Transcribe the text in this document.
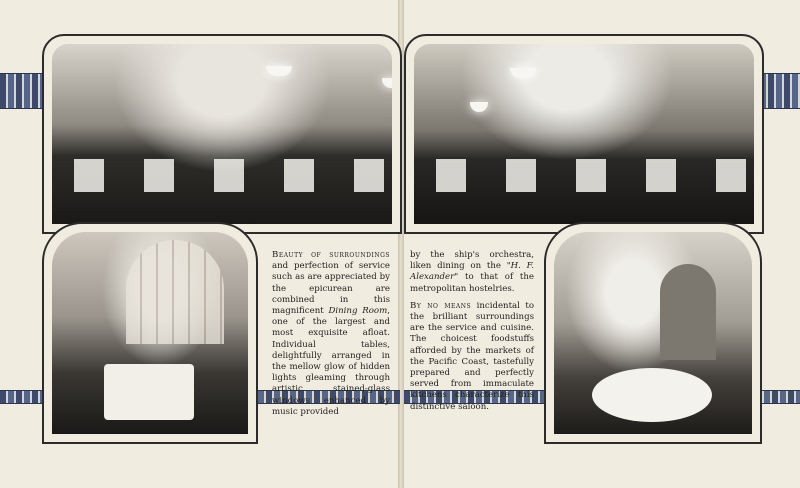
Beauty of surroundings and perfection of service such as are appreciated by the epicurean are combined in this magnificent Dining Room, one of the largest and most exquisite afloat. Individual tables, delightfully arranged in the mellow glow of hidden lights gleaming through artistic stained-glass windows enhanced by music provided

by the ship's orchestra, liken dining on the "H. F. Alexander" to that of the metropolitan hostelries.

By no means incidental to the brilliant surroundings are the service and cuisine. The choicest foodstuffs afforded by the markets of the Pacific Coast, tastefully prepared and perfectly served from immaculate kitchens characterize this distinctive saloon.
